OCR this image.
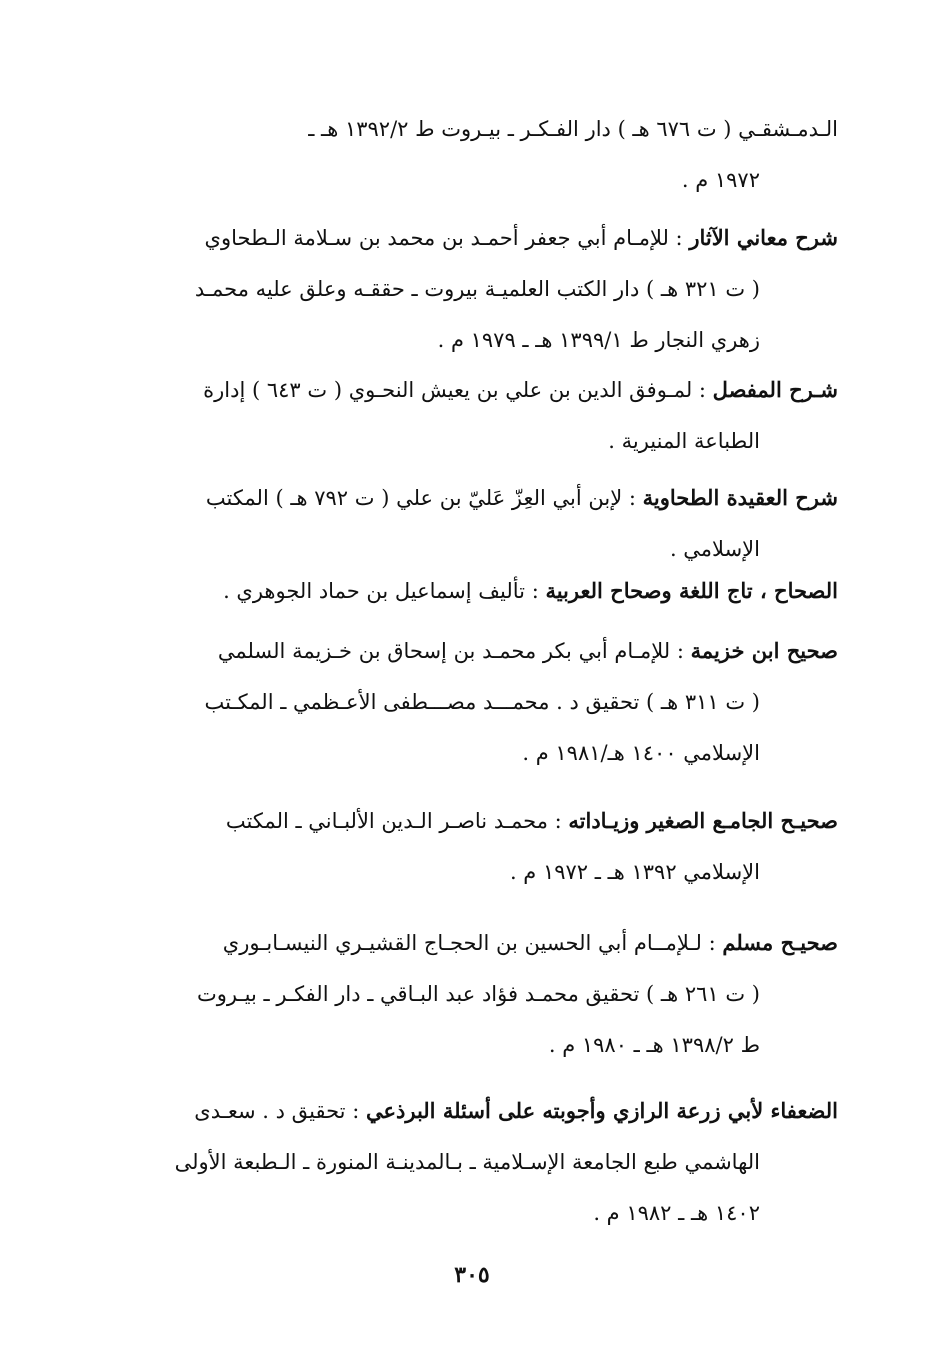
الـدمـشقـي ( ت ٦٧٦ هـ ) دار الفـكـر ـ بيـروت ط ١٣٩٢/٢ هـ ـ
١٩٧٢ م .
شرح معاني الآثار : للإمـام أبي جعفر أحمـد بن محمد بن سـلامة الـطحاوي
( ت ٣٢١ هـ ) دار الكتب العلميـة بيروت ـ حققـه وعلق عليه محمـد
زهري النجار ط ١٣٩٩/١ هـ ـ ١٩٧٩ م .
شـرح المفصل : لمـوفق الدين بن علي بن يعيش النحـوي ( ت ٦٤٣ ) إدارة
الطباعة المنيرية .
شرح العقيدة الطحاوية : لإبن أبي العِزّ عَليّ بن علي ( ت ٧٩٢ هـ ) المكتب
الإسلامي .
الصحاح ، تاج اللغة وصحاح العربية : تأليف إسماعيل بن حماد الجوهري .
صحيح ابن خزيمة : للإمـام أبي بكر محمـد بن إسحاق بن خـزيمة السلمي
( ت ٣١١ هـ ) تحقيق د . محمـــد مصـــطفى الأعـظمي ـ المكـتب
الإسلامي ١٤٠٠ هـ/١٩٨١ م .
صحيـح الجامـع الصغير وزيـاداته : محمـد ناصـر الـدين الألبـاني ـ المكتب
الإسلامي ١٣٩٢ هـ ـ ١٩٧٢ م .
صحيـح مسلم : لـلإمــام أبي الحسين بن الحجـاج القشيـري النيسـابـوري
( ت ٢٦١ هـ ) تحقيق محمـد فؤاد عبد البـاقي ـ دار الفكـر ـ بيـروت
ط ١٣٩٨/٢ هـ ـ ١٩٨٠ م .
الضعفاء لأبي زرعة الرازي وأجوبته على أسئلة البرذعي : تحقيق د . سعـدى
الهاشمي طبع الجامعة الإسـلامية ـ بـالمدينـة المنورة ـ الـطبعة الأولى
١٤٠٢ هـ ـ ١٩٨٢ م .
٣٠٥
